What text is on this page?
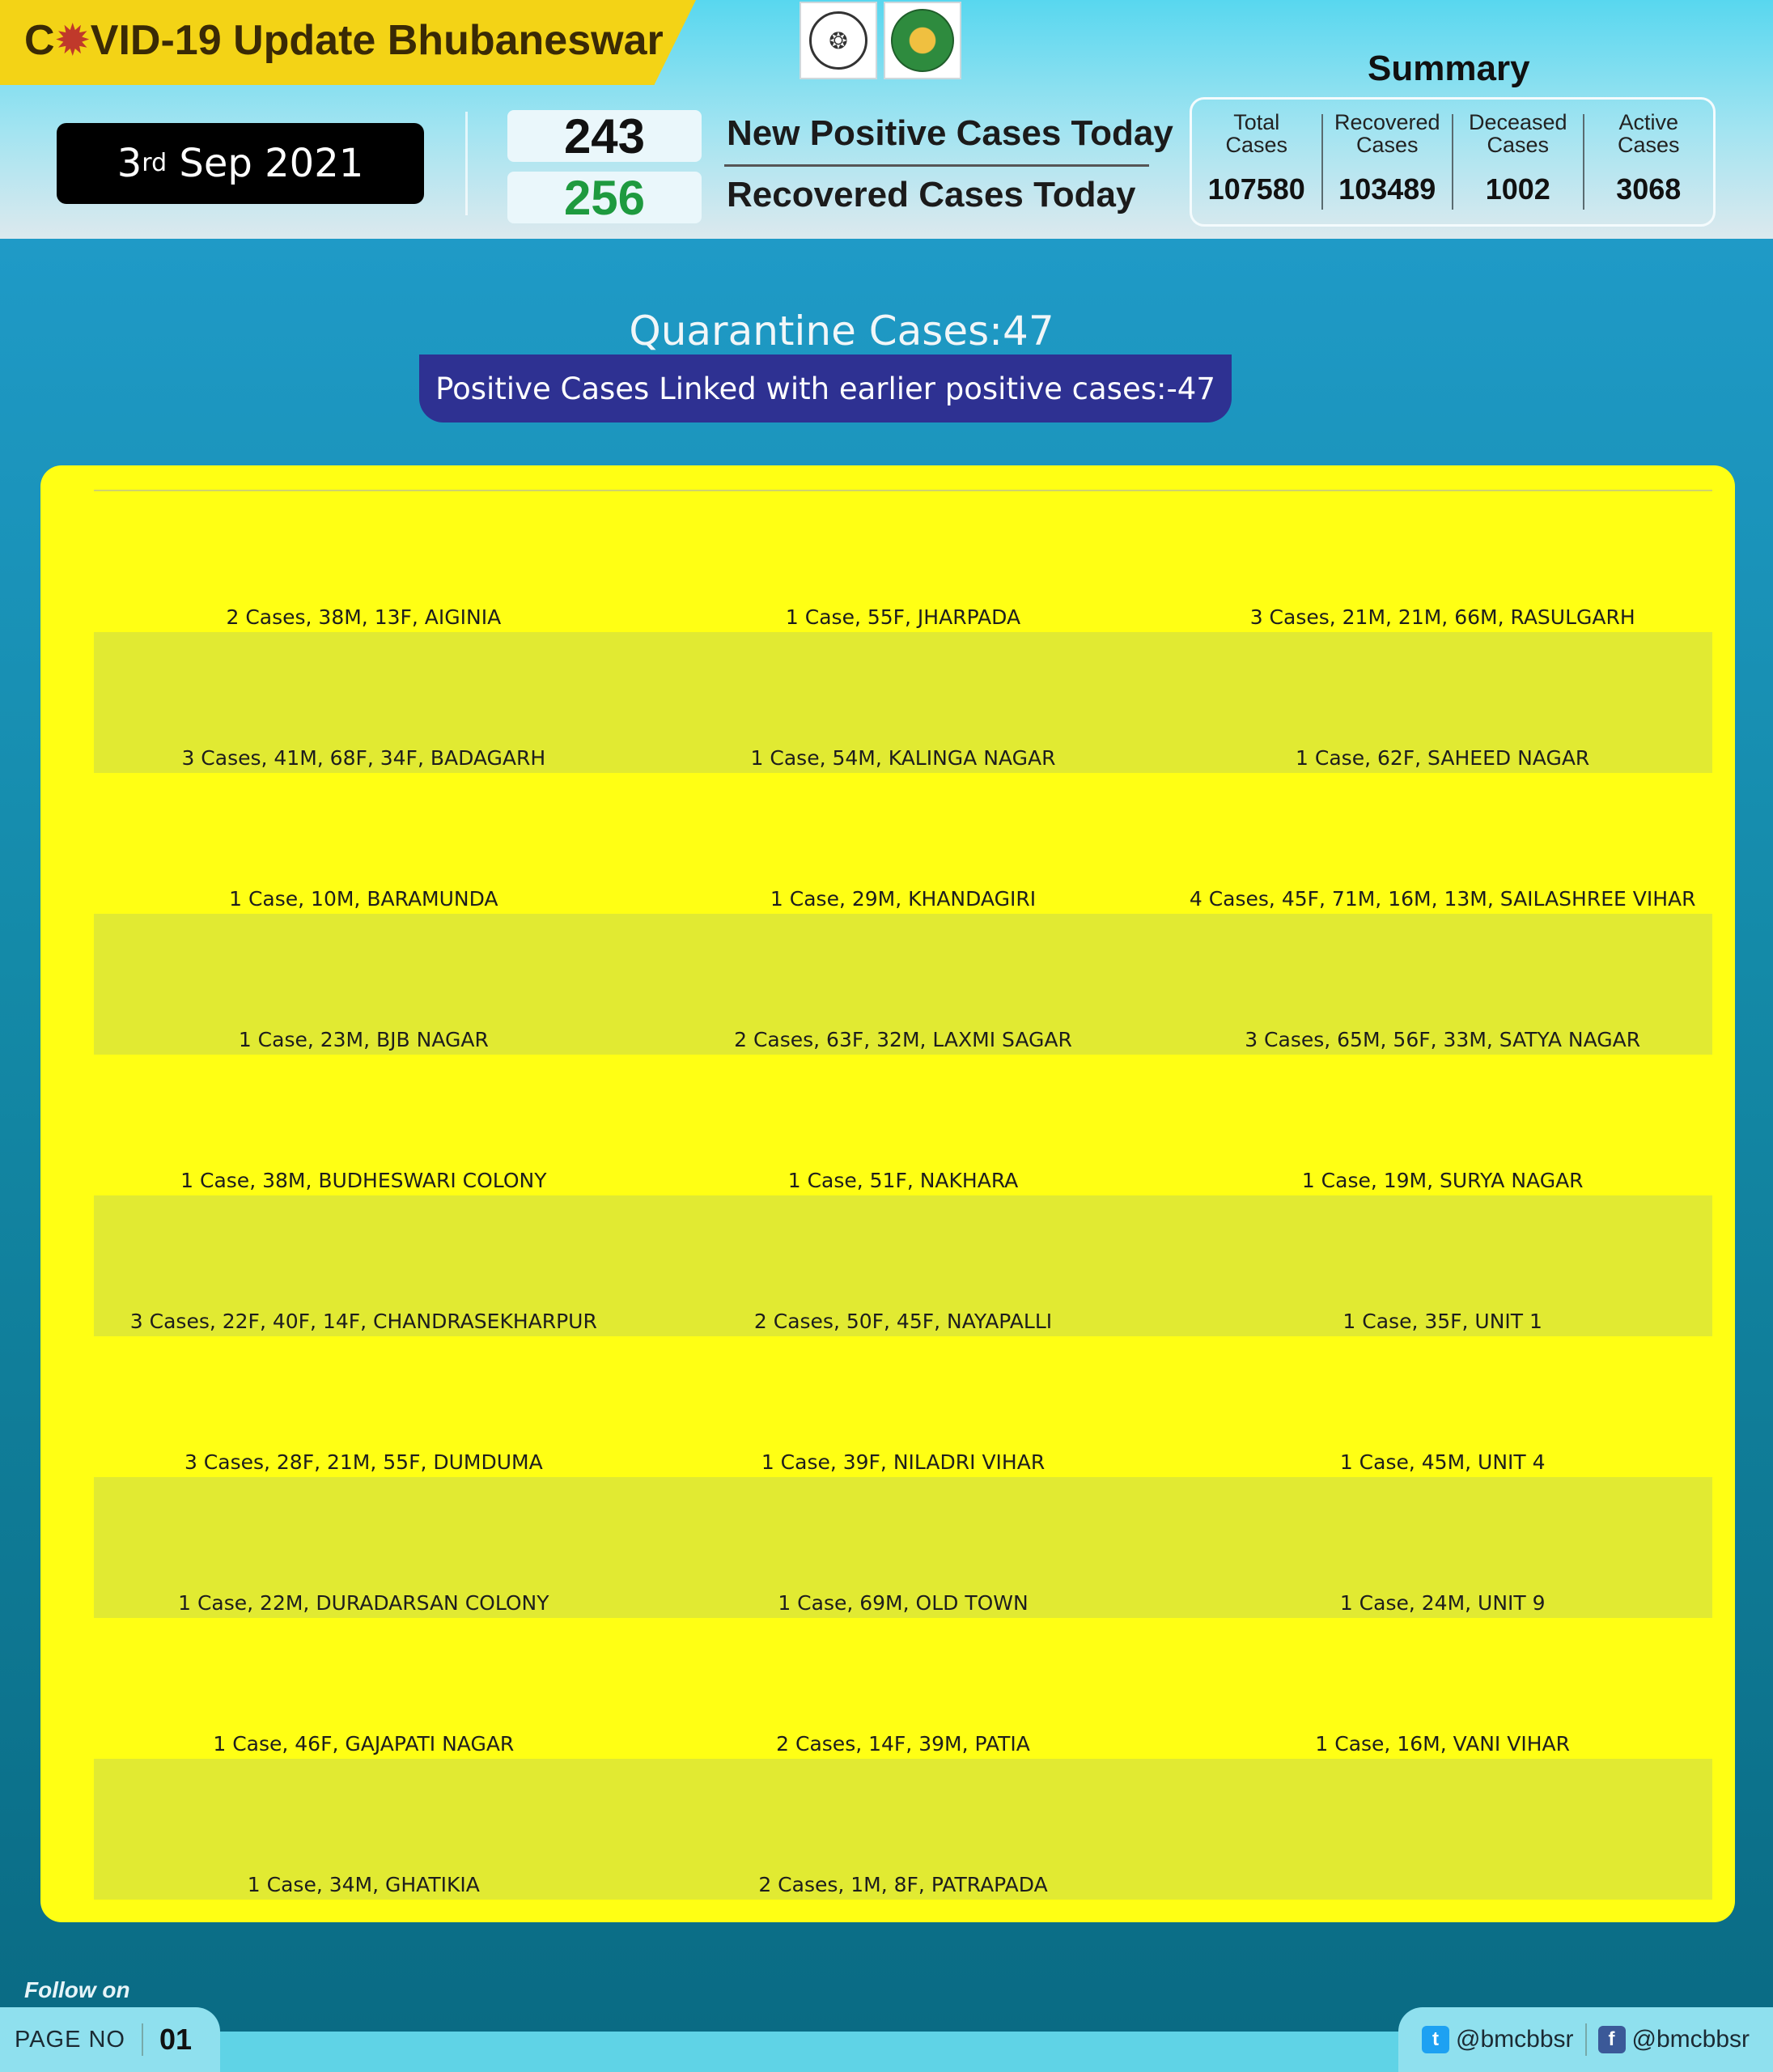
C ✹ VID-19 Update Bhubaneswar	❂
3 rd
Sep 2021
243
256
New Positive Cases Today
Recovered Cases Today
Summary
Total
Cases
107580
Recovered
Cases
103489
Deceased
Cases
1002
Active
Cases
3068
Quarantine Cases:47
Positive Cases Linked with earlier positive cases:-47
2 Cases, 38M, 13F, AIGINIA	1 Case, 55F, JHARPADA	3 Cases, 21M, 21M, 66M, RASULGARH
3 Cases, 41M, 68F, 34F, BADAGARH	1 Case, 54M, KALINGA NAGAR	1 Case, 62F, SAHEED NAGAR
1 Case, 10M, BARAMUNDA	1 Case, 29M, KHANDAGIRI	4 Cases, 45F, 71M, 16M, 13M, SAILASHREE VIHAR
1 Case, 23M, BJB NAGAR	2 Cases, 63F, 32M, LAXMI SAGAR	3 Cases, 65M, 56F, 33M, SATYA NAGAR
1 Case, 38M, BUDHESWARI COLONY	1 Case, 51F, NAKHARA	1 Case, 19M, SURYA NAGAR
3 Cases, 22F, 40F, 14F, CHANDRASEKHARPUR	2 Cases, 50F, 45F, NAYAPALLI	1 Case, 35F, UNIT 1
3 Cases, 28F, 21M, 55F, DUMDUMA	1 Case, 39F, NILADRI VIHAR	1 Case, 45M, UNIT 4
1 Case, 22M, DURADARSAN COLONY	1 Case, 69M, OLD TOWN	1 Case, 24M, UNIT 9
1 Case, 46F, GAJAPATI NAGAR	2 Cases, 14F, 39M, PATIA	1 Case, 16M, VANI VIHAR
1 Case, 34M, GHATIKIA	2 Cases, 1M, 8F, PATRAPADA
Follow on
PAGE NO 01	t @bmcbbsr	f @bmcbbsr
